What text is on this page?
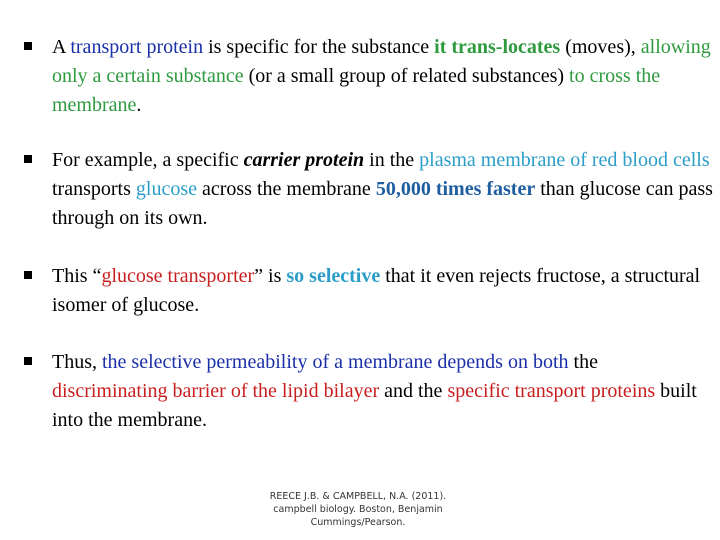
A transport protein is specific for the substance it trans-locates (moves), allowing only a certain substance (or a small group of related substances) to cross the membrane.
For example, a specific carrier protein in the plasma membrane of red blood cells transports glucose across the membrane 50,000 times faster than glucose can pass through on its own.
This “glucose transporter” is so selective that it even rejects fructose, a structural isomer of glucose.
Thus, the selective permeability of a membrane depends on both the discriminating barrier of the lipid bilayer and the specific transport proteins built into the membrane.
REECE J.B. & CAMPBELL, N.A. (2011). campbell biology. Boston, Benjamin Cummings/Pearson.
